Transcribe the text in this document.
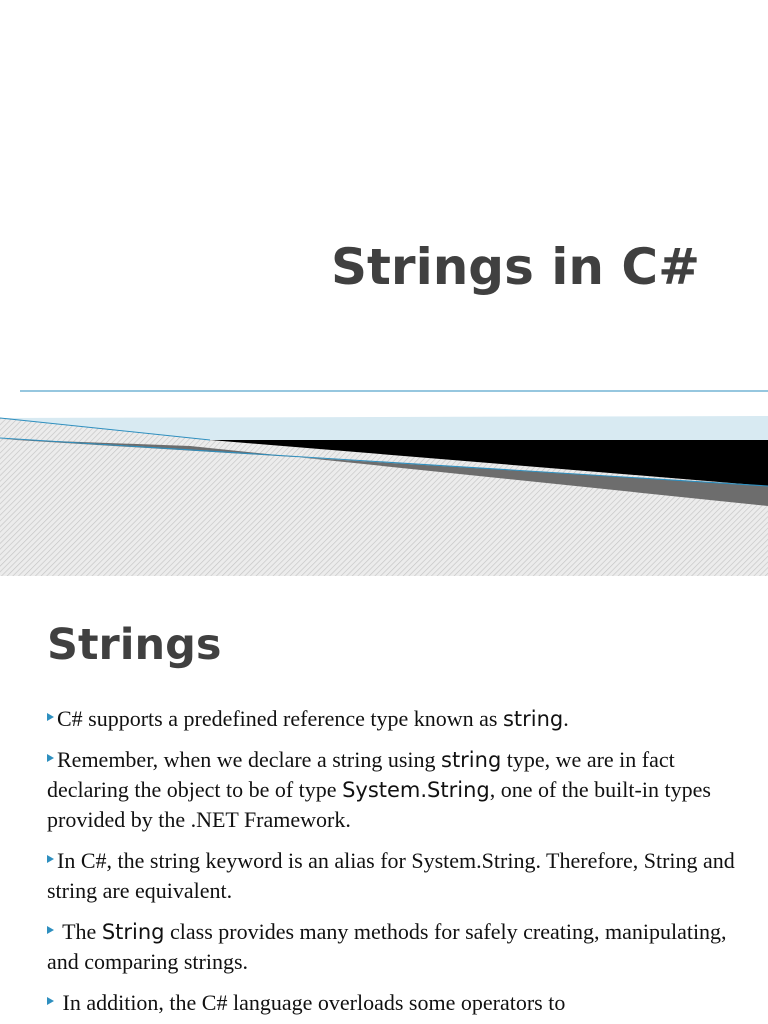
Strings in C#
Strings
C# supports a predefined reference type known as string.
Remember, when we declare a string using string type, we are in fact declaring the object to be of type System.String, one of the built-in types provided by the .NET Framework.
In C#, the string keyword is an alias for System.String. Therefore, String and string are equivalent.
The String class provides many methods for safely creating, manipulating, and comparing strings.
In addition, the C# language overloads some operators to
